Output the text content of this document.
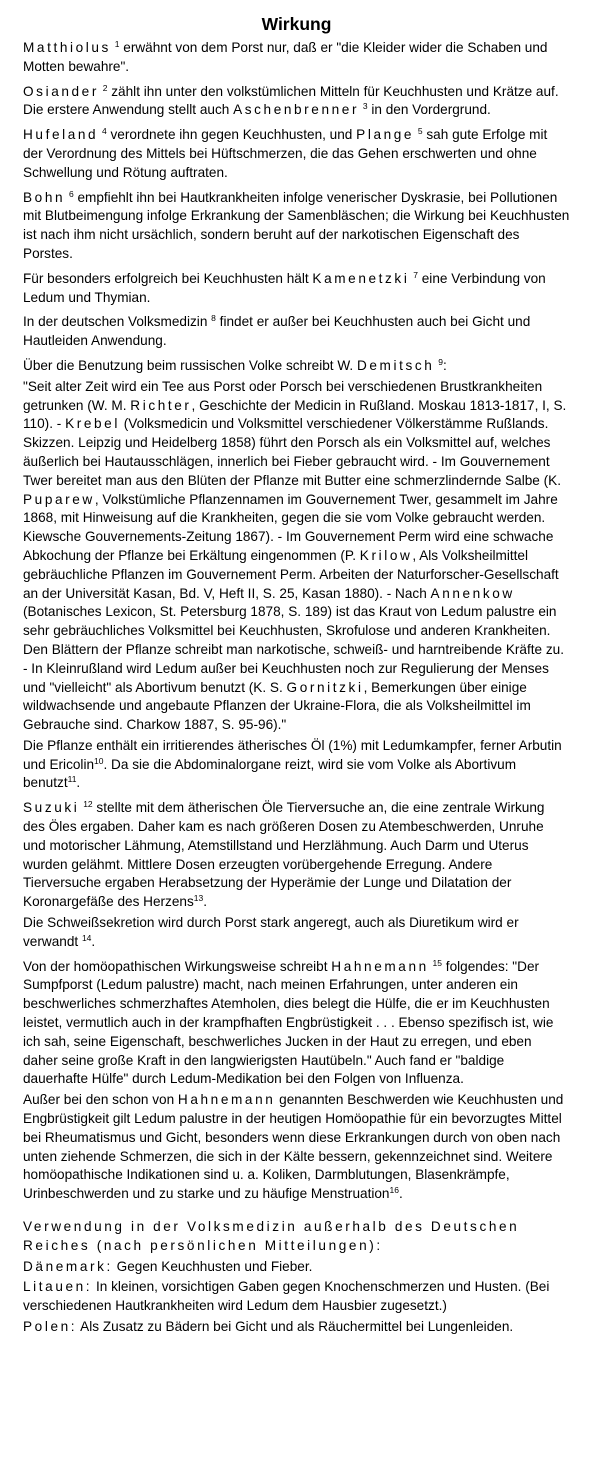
Wirkung

Matthiolus $^1$ erwähnt von dem Porst nur, daß er "die Kleider wider die Schaben und Motten bewahre".

Osiander $^2$ zählt ihn unter den volkstümlichen Mitteln für Keuchhusten und Krätze auf. Die erstere Anwendung stellt auch Aschenbrenner $^3$ in den Vordergrund.

Hufeland $^4$ verordnete ihn gegen Keuchhusten, und Plange $^5$ sah gute Erfolge mit der Verordnung des Mittels bei Hüftschmerzen, die das Gehen erschwerten und ohne Schwellung und Rötung auftraten.

Bohn $^6$ empfiehlt ihn bei Hautkrankheiten infolge venerischer Dyskrasie, bei Pollutionen mit Blutbeimengung infolge Erkrankung der Samenbläschen; die Wirkung bei Keuchhusten ist nach ihm nicht ursächlich, sondern beruht auf der narkotischen Eigenschaft des Porstes.

Für besonders erfolgreich bei Keuchhusten hält Kamenetzki $^7$ eine Verbindung von Ledum und Thymian.

In der deutschen Volksmedizin $^8$ findet er außer bei Keuchhusten auch bei Gicht und Hautleiden Anwendung.

Über die Benutzung beim russischen Volke schreibt W. Demitsch $^9$:

"Seit alter Zeit wird ein Tee aus Porst oder Porsch bei verschiedenen Brustkrankheiten getrunken (W. M. Richter, Geschichte der Medicin in Rußland. Moskau 1813-1817, I, S. 110). - Krebel (Volksmedicin und Volksmittel verschiedener Völkerstämme Rußlands. Skizzen. Leipzig und Heidelberg 1858) führt den Porsch als ein Volksmittel auf, welches äußerlich bei Hautausschlägen, innerlich bei Fieber gebraucht wird. - Im Gouvernement Twer bereitet man aus den Blüten der Pflanze mit Butter eine schmerzlindernde Salbe (K. Puparew, Volkstümliche Pflanzennamen im Gouvernement Twer, gesammelt im Jahre 1868, mit Hinweisung auf die Krankheiten, gegen die sie vom Volke gebraucht werden. Kiewsche Gouvernements-Zeitung 1867). - Im Gouvernement Perm wird eine schwache Abkochung der Pflanze bei Erkältung eingenommen (P. Krilow, Als Volksheilmittel gebräuchliche Pflanzen im Gouvernement Perm. Arbeiten der Naturforscher-Gesellschaft an der Universität Kasan, Bd. V, Heft II, S. 25, Kasan 1880). - Nach Annenkow (Botanisches Lexicon, St. Petersburg 1878, S. 189) ist das Kraut von Ledum palustre ein sehr gebräuchliches Volksmittel bei Keuchhusten, Skrofulose und anderen Krankheiten. Den Blättern der Pflanze schreibt man narkotische, schweiß- und harntreibende Kräfte zu. - In Kleinrußland wird Ledum außer bei Keuchhusten noch zur Regulierung der Menses und "vielleicht" als Abortivum benutzt (K. S. Gornitzki, Bemerkungen über einige wildwachsende und angebaute Pflanzen der Ukraine-Flora, die als Volksheilmittel im Gebrauche sind. Charkow 1887, S. 95-96)."

Die Pflanze enthält ein irritierendes ätherisches Öl (1%) mit Ledumkampfer, ferner Arbutin und Ericolin$^{10}$. Da sie die Abdominalorgane reizt, wird sie vom Volke als Abortivum benutzt$^{11}$.

Suzuki $^{12}$ stellte mit dem ätherischen Öle Tierversuche an, die eine zentrale Wirkung des Öles ergaben. Daher kam es nach größeren Dosen zu Atembeschwerden, Unruhe und motorischer Lähmung, Atemstillstand und Herzlähmung. Auch Darm und Uterus wurden gelähmt. Mittlere Dosen erzeugten vorübergehende Erregung. Andere Tierversuche ergaben Herabsetzung der Hyperämie der Lunge und Dilatation der Koronargefäße des Herzens$^{13}$.

Die Schweißsekretion wird durch Porst stark angeregt, auch als Diuretikum wird er verwandt $^{14}$.

Von der homöopathischen Wirkungsweise schreibt Hahnemann $^{15}$ folgendes: "Der Sumpfporst (Ledum palustre) macht, nach meinen Erfahrungen, unter anderen ein beschwerliches schmerzhaftes Atemholen, dies belegt die Hülfe, die er im Keuchhusten leistet, vermutlich auch in der krampfhaften Engbrüstigkeit . . . Ebenso spezifisch ist, wie ich sah, seine Eigenschaft, beschwerliches Jucken in der Haut zu erregen, und eben daher seine große Kraft in den langwierigsten Hautübeln." Auch fand er "baldige dauerhafte Hülfe" durch Ledum-Medikation bei den Folgen von Influenza.

Außer bei den schon von Hahnemann genannten Beschwerden wie Keuchhusten und Engbrüstigkeit gilt Ledum palustre in der heutigen Homöopathie für ein bevorzugtes Mittel bei Rheumatismus und Gicht, besonders wenn diese Erkrankungen durch von oben nach unten ziehende Schmerzen, die sich in der Kälte bessern, gekennzeichnet sind. Weitere homöopathische Indikationen sind u. a. Koliken, Darmblutungen, Blasenkrämpfe, Urinbeschwerden und zu starke und zu häufige Menstruation$^{16}$.

Verwendung in der Volksmedizin außerhalb des Deutschen Reiches (nach persönlichen Mitteilungen):

Dänemark: Gegen Keuchhusten und Fieber.

Litauen: In kleinen, vorsichtigen Gaben gegen Knochenschmerzen und Husten. (Bei verschiedenen Hautkrankheiten wird Ledum dem Hausbier zugesetzt.)

Polen: Als Zusatz zu Bädern bei Gicht und als Räuchermittel bei Lungenleiden.
